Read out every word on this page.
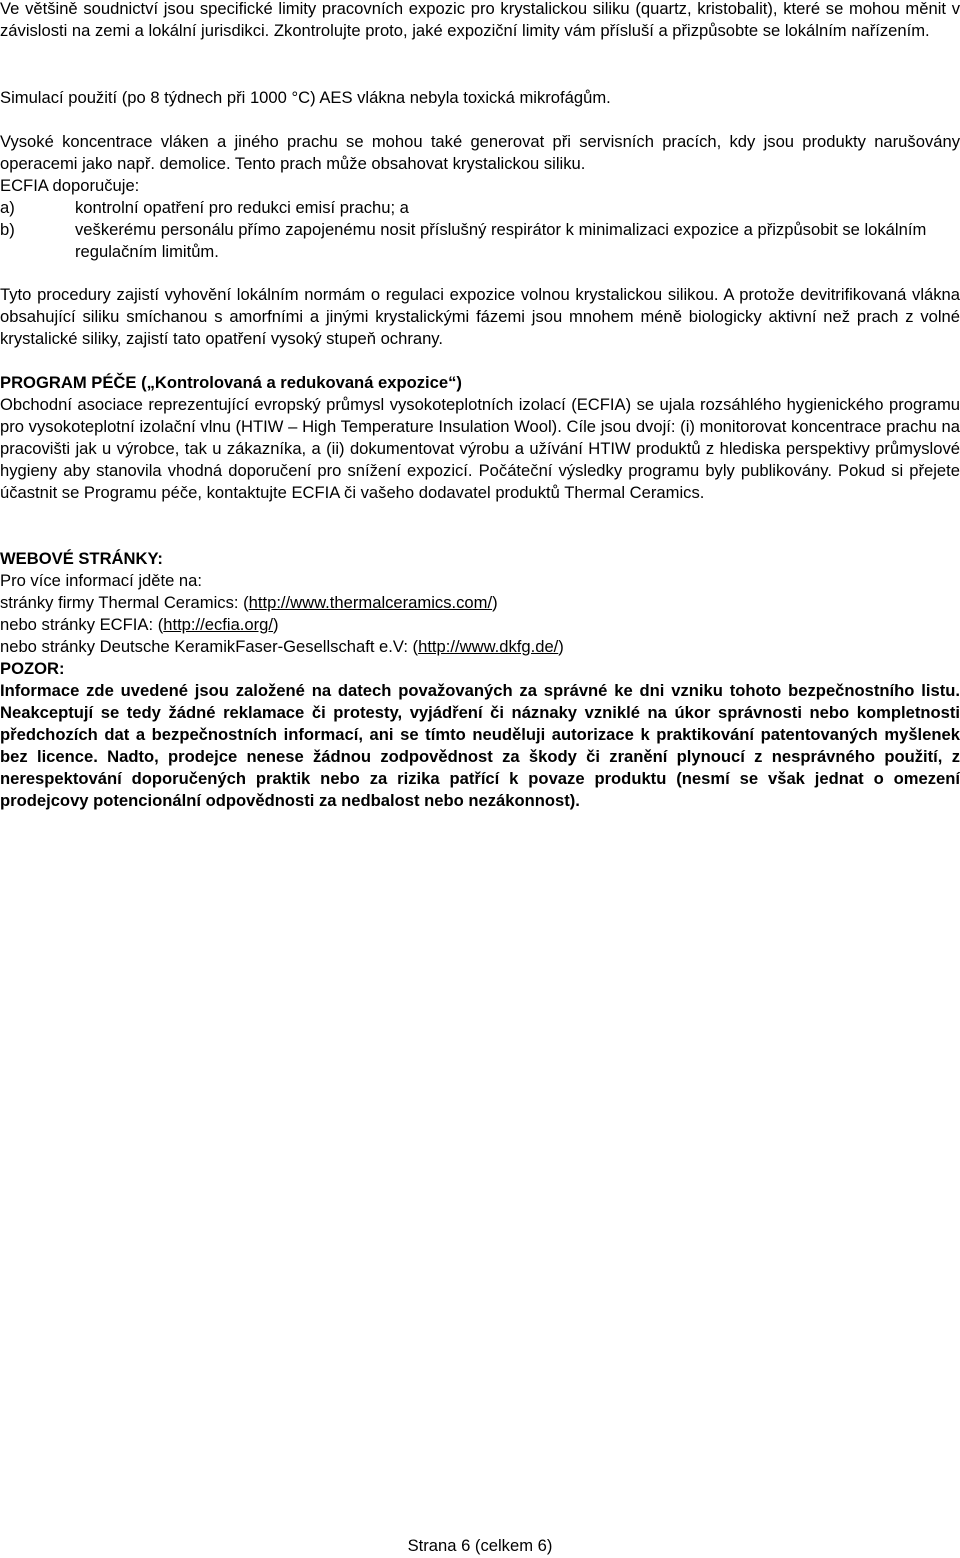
Ve většině soudnictví jsou specifické limity pracovních expozic pro krystalickou siliku (quartz, kristobalit), které se mohou měnit v závislosti na zemi a lokální jurisdikci. Zkontrolujte proto, jaké expoziční limity vám přísluší a přizpůsobte se lokálním nařízením.

Simulací použití (po 8 týdnech při 1000 °C) AES vlákna nebyla toxická mikrofágům.

Vysoké koncentrace vláken a jiného prachu se mohou také generovat při servisních pracích, kdy jsou produkty narušovány operacemi jako např. demolice. Tento prach může obsahovat krystalickou siliku.

ECFIA doporučuje:

a)	kontrolní opatření pro redukci emisí prachu; a
b)	veškerému personálu přímo zapojenému nosit příslušný respirátor k minimalizaci expozice a přizpůsobit se lokálním regulačním limitům.

Tyto procedury zajistí vyhovění lokálním normám o regulaci expozice volnou krystalickou silikou. A protože devitrifikovaná vlákna obsahující siliku smíchanou s amorfními a jinými krystalickými fázemi jsou mnohem méně biologicky aktivní než prach z volné krystalické siliky, zajistí tato opatření vysoký stupeň ochrany.

PROGRAM PÉČE („Kontrolovaná a redukovaná expozice“)

Obchodní asociace reprezentující evropský průmysl vysokoteplotních izolací (ECFIA) se ujala rozsáhlého hygienického programu pro vysokoteplotní izolační vlnu (HTIW – High Temperature Insulation Wool). Cíle jsou dvojí: (i) monitorovat koncentrace prachu na pracovišti jak u výrobce, tak u zákazníka, a (ii) dokumentovat výrobu a užívání HTIW produktů z hlediska perspektivy průmyslové hygieny aby stanovila vhodná doporučení pro snížení expozicí. Počáteční výsledky programu byly publikovány. Pokud si přejete účastnit se Programu péče, kontaktujte ECFIA či vašeho dodavatel produktů Thermal Ceramics.

WEBOVÉ STRÁNKY:

Pro více informací jděte na:

stránky firmy Thermal Ceramics: (http://www.thermalceramics.com/)

nebo stránky ECFIA: (http://ecfia.org/)

nebo stránky Deutsche KeramikFaser-Gesellschaft e.V: (http://www.dkfg.de/)

POZOR:

Informace zde uvedené jsou založené na datech považovaných za správné ke dni vzniku tohoto bezpečnostního listu. Neakceptují se tedy žádné reklamace či protesty, vyjádření či náznaky vzniklé na úkor správnosti nebo kompletnosti předchozích dat a bezpečnostních informací, ani se tímto neuděluji autorizace k praktikování patentovaných myšlenek bez licence. Nadto, prodejce nenese žádnou zodpovědnost za škody či zranění plynoucí z nesprávného použití, z nerespektování doporučených praktik nebo za rizika patřící k povaze produktu (nesmí se však jednat o omezení prodejcovy potencionální odpovědnosti za nedbalost nebo nezákonnost).

Strana 6 (celkem 6)
